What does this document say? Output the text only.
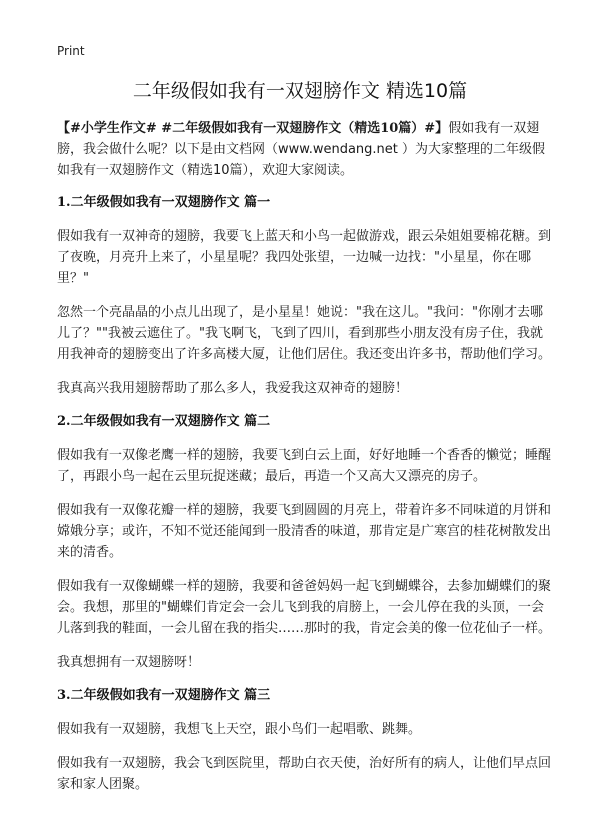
Print
二年级假如我有一双翅膀作文 精选10篇

【#小学生作文# #二年级假如我有一双翅膀作文（精选10篇）#】假如我有一双翅膀，我会做什么呢？以下是由文档网（www.wendang.net ）为大家整理的二年级假如我有一双翅膀作文（精选10篇），欢迎大家阅读。

1.二年级假如我有一双翅膀作文 篇一

假如我有一双神奇的翅膀，我要飞上蓝天和小鸟一起做游戏，跟云朵姐姐要棉花糖。到了夜晚，月亮升上来了，小星星呢？我四处张望，一边喊一边找："小星星，你在哪里？"

忽然一个亮晶晶的小点儿出现了，是小星星！她说："我在这儿。"我问："你刚才去哪儿了？""我被云遮住了。"我飞啊飞，飞到了四川，看到那些小朋友没有房子住，我就用我神奇的翅膀变出了许多高楼大厦，让他们居住。我还变出许多书，帮助他们学习。

我真高兴我用翅膀帮助了那么多人，我爱我这双神奇的翅膀！

2.二年级假如我有一双翅膀作文 篇二

假如我有一双像老鹰一样的翅膀，我要飞到白云上面，好好地睡一个香香的懒觉；睡醒了，再跟小鸟一起在云里玩捉迷藏；最后，再造一个又高大又漂亮的房子。

假如我有一双像花瓣一样的翅膀，我要飞到圆圆的月亮上，带着许多不同味道的月饼和嫦娥分享；或许，不知不觉还能闻到一股清香的味道，那肯定是广寒宫的桂花树散发出来的清香。

假如我有一双像蝴蝶一样的翅膀，我要和爸爸妈妈一起飞到蝴蝶谷，去参加蝴蝶们的聚会。我想，那里的"蝴蝶们肯定会一会儿飞到我的肩膀上，一会儿停在我的头顶，一会儿落到我的鞋面，一会儿留在我的指尖……那时的我，肯定会美的像一位花仙子一样。

我真想拥有一双翅膀呀！

3.二年级假如我有一双翅膀作文 篇三

假如我有一双翅膀，我想飞上天空，跟小鸟们一起唱歌、跳舞。

假如我有一双翅膀，我会飞到医院里，帮助白衣天使，治好所有的病人，让他们早点回家和家人团聚。
